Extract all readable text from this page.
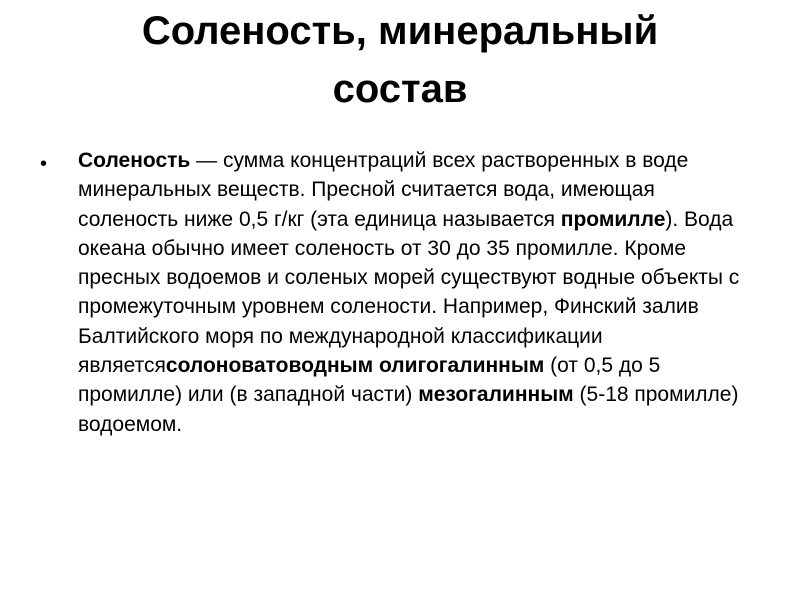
Соленость, минеральный
состав
• Соленость — сумма концентраций всех растворенных в воде минеральных веществ. Пресной считается вода, имеющая соленость ниже 0,5 г/кг (эта единица называется промилле). Вода океана обычно имеет соленость от 30 до 35 промилле. Кроме пресных водоемов и соленых морей существуют водные объекты с промежуточным уровнем солености. Например, Финский залив Балтийского моря по международной классификации являетсясолоноватоводным олигогалинным (от 0,5 до 5 промилле) или (в западной части) мезогалинным (5-18 промилле) водоемом.
